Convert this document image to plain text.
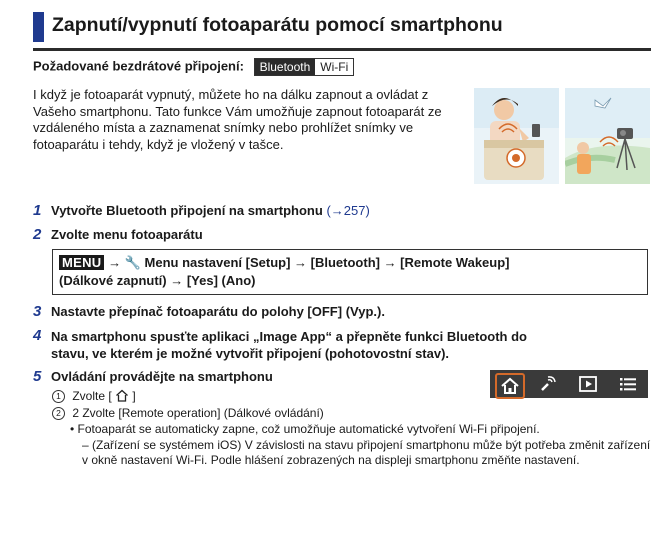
Zapnutí/vypnutí fotoaparátu pomocí smartphonu
Požadované bezdrátové připojení:	Bluetooth Wi-Fi

I když je fotoaparát vypnutý, můžete ho na dálku zapnout a ovládat z Vašeho smartphonu. Tato funkce Vám umožňuje zapnout fotoaparát ze vzdáleného místa a zaznamenat snímky nebo prohlížet snímky ve fotoaparátu i tehdy, když je vložený v tašce.

1 Vytvořte Bluetooth připojení na smartphonu (→257)
2 Zvolte menu fotoaparátu
MENU → 🔧 Menu nastavení [Setup] → [Bluetooth] → [Remote Wakeup]
(Dálkové zapnutí) → [Yes] (Ano)
3 Nastavte přepínač fotoaparátu do polohy [OFF] (Vyp.).
4 Na smartphonu spusťte aplikaci „Image App“ a přepněte funkci Bluetooth do
stavu, ve kterém je možné vytvořit připojení (pohotovostní stav).
5 Ovládání provádějte na smartphonu
1 Zvolte [ ]
2 2 Zvolte [Remote operation] (Dálkové ovládání)
• Fotoaparát se automaticky zapne, což umožňuje automatické vytvoření Wi-Fi připojení.
– (Zařízení se systémem iOS) V závislosti na stavu připojení smartphonu může být potřeba změnit zařízení v okně nastavení Wi-Fi. Podle hlášení zobrazených na displeji smartphonu změňte nastavení.
